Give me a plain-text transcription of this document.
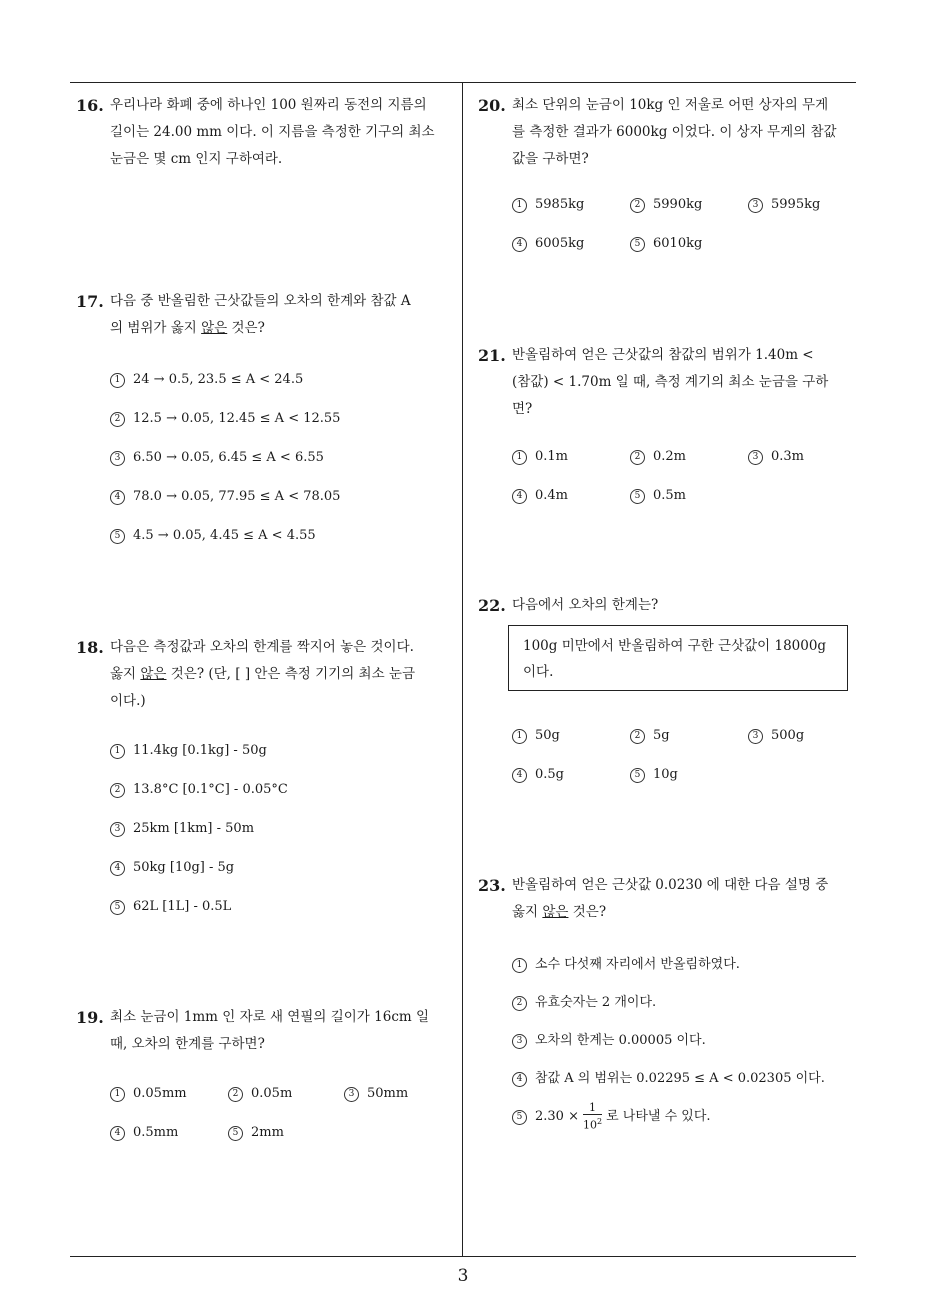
16. 우리나라 화폐 중에 하나인 100 원짜리 동전의 지름의
길이는 24.00 mm 이다. 이 지름을 측정한 기구의 최소
눈금은 몇 cm 인지 구하여라.
17. 다음 중 반올림한 근삿값들의 오차의 한계와 참값 A
의 범위가 옳지 않은 것은?
1 24 → 0.5, 23.5 ≤ A < 24.5
2 12.5 → 0.05, 12.45 ≤ A < 12.55
3 6.50 → 0.05, 6.45 ≤ A < 6.55
4 78.0 → 0.05, 77.95 ≤ A < 78.05
5 4.5 → 0.05, 4.45 ≤ A < 4.55
18. 다음은 측정값과 오차의 한계를 짝지어 놓은 것이다.
옳지 않은 것은? (단, [ ] 안은 측정 기기의 최소 눈금
이다.)
1 11.4kg [0.1kg] - 50g
2 13.8°C [0.1°C] - 0.05°C
3 25km [1km] - 50m
4 50kg [10g] - 5g
5 62L [1L] - 0.5L
19. 최소 눈금이 1mm 인 자로 새 연필의 길이가 16cm 일
때, 오차의 한계를 구하면?
1 0.05mm	2 0.05m	3 50mm
4 0.5mm	5 2mm
20. 최소 단위의 눈금이 10kg 인 저울로 어떤 상자의 무게
를 측정한 결과가 6000kg 이었다. 이 상자 무게의 참값
값을 구하면?
1 5985kg	2 5990kg	3 5995kg
4 6005kg	5 6010kg
21. 반올림하여 얻은 근삿값의 참값의 범위가 1.40m <
(참값) < 1.70m 일 때, 측정 계기의 최소 눈금을 구하
면?
1 0.1m	2 0.2m	3 0.3m
4 0.4m	5 0.5m
22. 다음에서 오차의 한계는?
100g 미만에서 반올림하여 구한 근삿값이 18000g
이다.
1 50g	2 5g	3 500g
4 0.5g	5 10g
23. 반올림하여 얻은 근삿값 0.0230 에 대한 다음 설명 중
옳지 않은 것은?
1 소수 다섯째 자리에서 반올림하였다.
2 유효숫자는 2 개이다.
3 오차의 한계는 0.00005 이다.
4 참값 A 의 범위는 0.02295 ≤ A < 0.02305 이다.
5 $2.30 \times \frac{1}{10^2}$ 로 나타낼 수 있다.
3
